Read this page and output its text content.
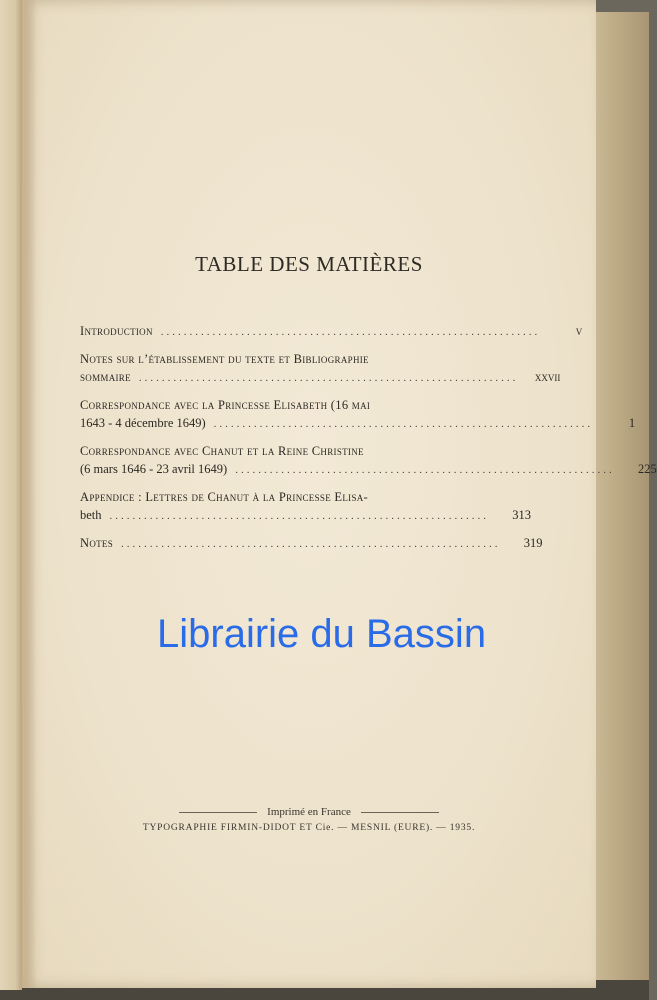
TABLE DES MATIÈRES
Introduction ..................................................................	v
Notes sur l’établissement du texte et Bibliographie
sommaire ..................................................................	xxvii
Correspondance avec la Princesse Elisabeth (16 mai
1643 - 4 décembre 1649) ..................................................................	1
Correspondance avec Chanut et la Reine Christine
(6 mars 1646 - 23 avril 1649) ..................................................................	225
Appendice : Lettres de Chanut à la Princesse Elisa-
beth ..................................................................	313
Notes ..................................................................	319
Imprimé en France
TYPOGRAPHIE FIRMIN-DIDOT ET Cie. — MESNIL (EURE). — 1935.
Librairie du Bassin
